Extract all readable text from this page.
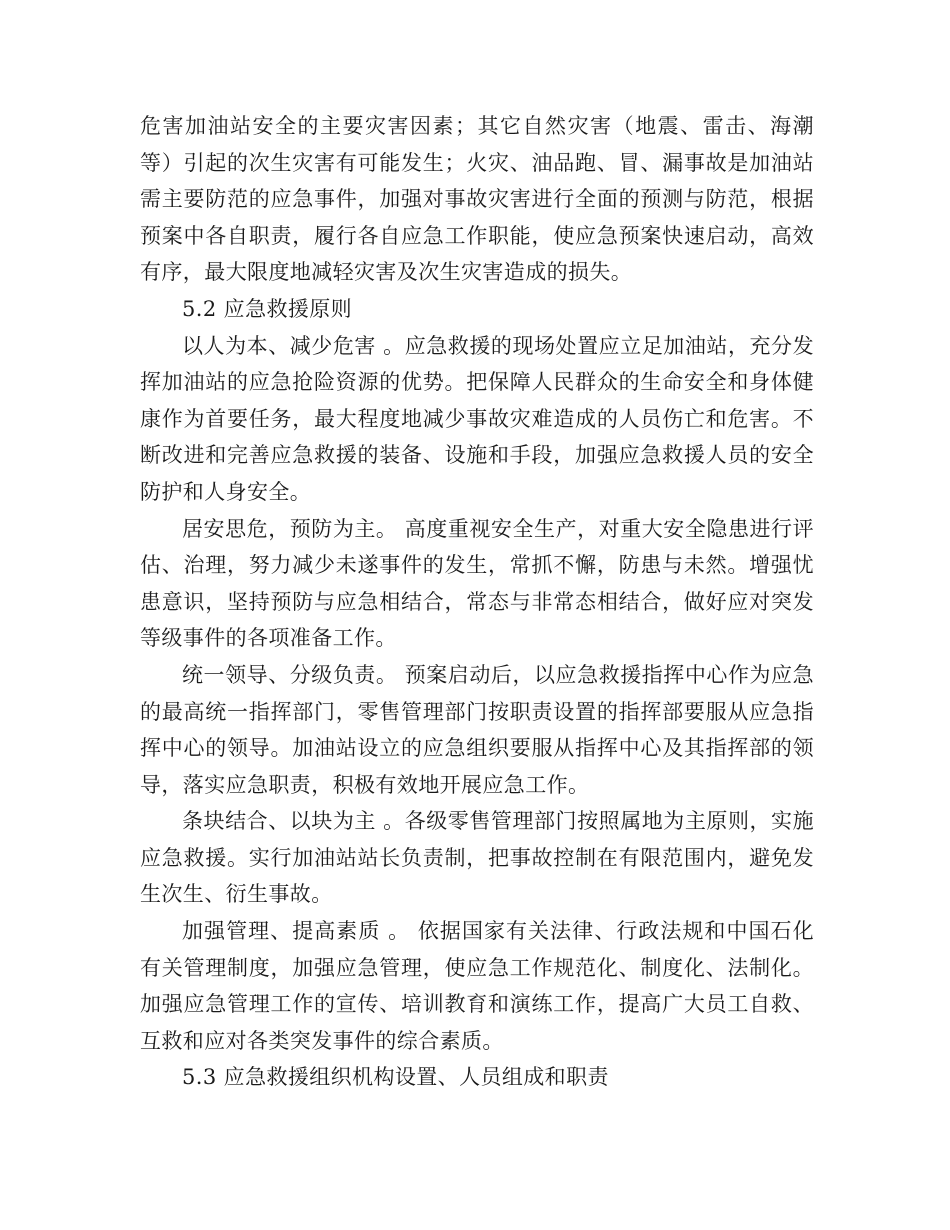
危害加油站安全的主要灾害因素；其它自然灾害（地震、雷击、海潮等）引起的次生灾害有可能发生；火灾、油品跑、冒、漏事故是加油站需主要防范的应急事件，加强对事故灾害进行全面的预测与防范，根据预案中各自职责，履行各自应急工作职能，使应急预案快速启动，高效有序，最大限度地减轻灾害及次生灾害造成的损失。

5.2 应急救援原则

以人为本、减少危害 。应急救援的现场处置应立足加油站，充分发挥加油站的应急抢险资源的优势。把保障人民群众的生命安全和身体健康作为首要任务，最大程度地减少事故灾难造成的人员伤亡和危害。不断改进和完善应急救援的装备、设施和手段，加强应急救援人员的安全防护和人身安全。

居安思危，预防为主。 高度重视安全生产，对重大安全隐患进行评估、治理，努力减少未遂事件的发生，常抓不懈，防患与未然。增强忧患意识，坚持预防与应急相结合，常态与非常态相结合，做好应对突发等级事件的各项准备工作。

统一领导、分级负责。 预案启动后，以应急救援指挥中心作为应急的最高统一指挥部门，零售管理部门按职责设置的指挥部要服从应急指挥中心的领导。加油站设立的应急组织要服从指挥中心及其指挥部的领导，落实应急职责，积极有效地开展应急工作。

条块结合、以块为主 。各级零售管理部门按照属地为主原则，实施应急救援。实行加油站站长负责制，把事故控制在有限范围内，避免发生次生、衍生事故。

加强管理、提高素质 。 依据国家有关法律、行政法规和中国石化有关管理制度，加强应急管理，使应急工作规范化、制度化、法制化。加强应急管理工作的宣传、培训教育和演练工作，提高广大员工自救、互救和应对各类突发事件的综合素质。

5.3 应急救援组织机构设置、人员组成和职责
